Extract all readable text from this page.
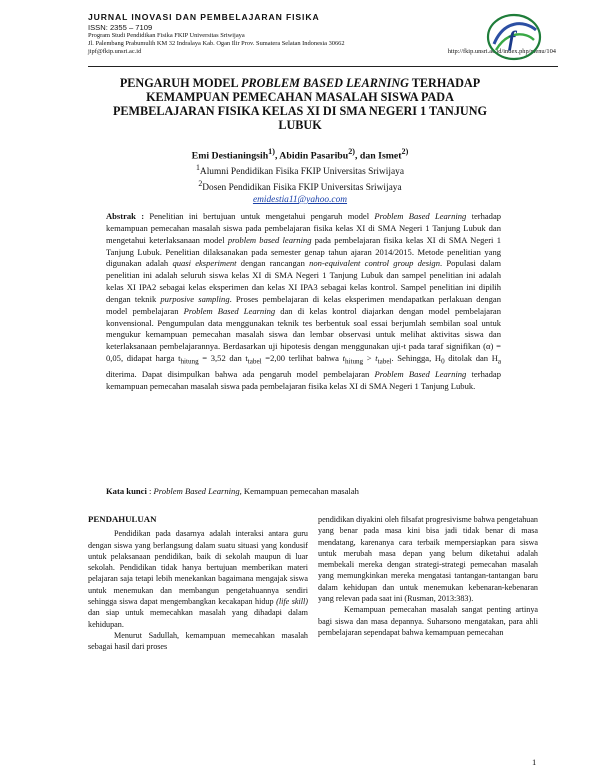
JURNAL INOVASI DAN PEMBELAJARAN FISIKA
ISSN: 2355 – 7109
Program Studi Pendidikan Fisika FKIP Universitas Sriwijaya
Jl. Palembang Prabumulih KM 32 Indralaya Kab. Ogan Ilir Prov. Sumatera Selatan Indonesia 30662
jipf@fkip.unsri.ac.id	http://fkip.unsri.ac.id/index.php/menu/104
f
PENGARUH MODEL PROBLEM BASED LEARNING TERHADAP
KEMAMPUAN PEMECAHAN MASALAH SISWA PADA
PEMBELAJARAN FISIKA KELAS XI DI SMA NEGERI 1 TANJUNG
LUBUK
Emi Destianingsih$^{1)}$, Abidin Pasaribu$^{2)}$, dan Ismet$^{2)}$
$^1$Alumni Pendidikan Fisika FKIP Universitas Sriwijaya
$^2$Dosen Pendidikan Fisika FKIP Universitas Sriwijaya
emidestia11@yahoo.com
Abstrak : Penelitian ini bertujuan untuk mengetahui pengaruh model Problem Based Learning terhadap kemampuan pemecahan masalah siswa pada pembelajaran fisika kelas XI di SMA Negeri 1 Tanjung Lubuk dan mengetahui keterlaksanaan model problem based learning pada pembelajaran fisika kelas XI di SMA Negeri 1 Tanjung Lubuk. Penelitian dilaksanakan pada semester genap tahun ajaran 2014/2015. Metode penelitian yang digunakan adalah quasi eksperiment dengan rancangan non-equivalent control group design. Populasi dalam penelitian ini adalah seluruh siswa kelas XI di SMA Negeri 1 Tanjung Lubuk dan sampel penelitian ini adalah kelas XI IPA2 sebagai kelas eksperimen dan kelas XI IPA3 sebagai kelas kontrol. Sampel penelitian ini dipilih dengan teknik purposive sampling. Proses pembelajaran di kelas eksperimen mendapatkan perlakuan dengan model pembelajaran Problem Based Learning dan di kelas kontrol diajarkan dengan model pembelajaran konvensional. Pengumpulan data menggunakan teknik tes berbentuk soal essai berjumlah sembilan soal untuk mengukur kemampuan pemecahan masalah siswa dan lembar observasi untuk melihat aktivitas siswa dan keterlaksanaan pembelajarannya. Berdasarkan uji hipotesis dengan menggunakan uji-t pada taraf signifikan (α) = 0,05, didapat harga $t_{hitung} = 3,52$ dan $t_{tabel} =2,00$ terlihat bahwa $t_{hitung} > t_{tabel}$. Sehingga, $H_0$ ditolak dan $H_a$ diterima. Dapat disimpulkan bahwa ada pengaruh model pembelajaran Problem Based Learning terhadap kemampuan pemecahan masalah siswa pada pembelajaran fisika kelas XI di SMA Negeri 1 Tanjung Lubuk.
Kata kunci : Problem Based Learning, Kemampuan pemecahan masalah

PENDAHULUAN

Pendidikan pada dasarnya adalah interaksi antara guru dengan siswa yang berlangsung dalam suatu situasi yang kondusif untuk pelaksanaan pendidikan, baik di sekolah maupun di luar sekolah. Pendidikan tidak hanya bertujuan memberikan materi pelajaran saja tetapi lebih menekankan bagaimana mengajak siswa untuk menemukan dan membangun pengetahuannya sendiri sehingga siswa dapat mengembangkan kecakapan hidup (life skill) dan siap untuk memecahkan masalah yang dihadapi dalam kehidupan.

Menurut Sadullah, kemampuan memecahkan masalah sebagai hasil dari proses

pendidikan diyakini oleh filsafat progresivisme bahwa pengetahuan yang benar pada masa kini bisa jadi tidak benar di masa mendatang, karenanya cara terbaik mempersiapkan para siswa untuk merubah masa depan yang belum diketahui adalah membekali mereka dengan strategi-strategi pemecahan masalah yang memungkinkan mereka mengatasi tantangan-tantangan baru dalam kehidupan dan untuk menemukan kebenaran-kebenaran yang relevan pada saat ini (Rusman, 2013:383).

Kemampuan pemecahan masalah sangat penting artinya bagi siswa dan masa depannya. Suharsono mengatakan, para ahli pembelajaran sependapat bahwa kemampuan pemecahan

1
